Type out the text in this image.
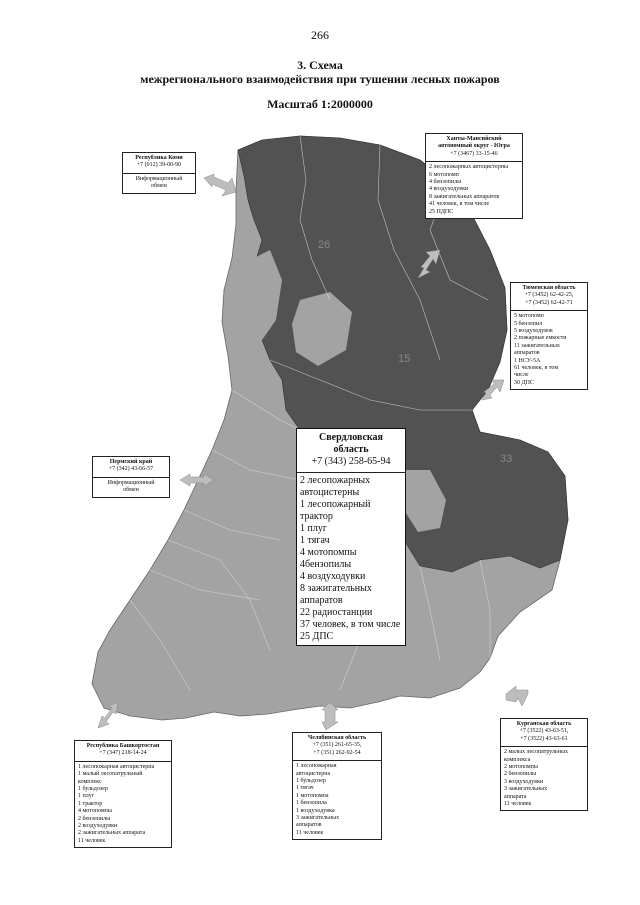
266
3. Схема
межрегионального взаимодействия при тушении лесных пожаров
Масштаб 1:2000000
26
15
33
Республика Коми
+7 (912) 39-00-90
Информационный
обмен
Ханты-Мансийский
автономный округ - Югра
+7 (3467) 33-15-46
2 лесопожарных автоцистерны
6 мотопомп
4 бензопилы
4 воздуходувки
8 зажигательных аппаратов
41 человек, в том числе
25 ПДПС
Тюменская область
+7 (3452) 62-42-25,
+7 (3452) 62-42-71
5 мотопомп
5 бензопил
5 воздуходувок
2 пожарные емкости
11 зажигательных
аппаратов
1 НСУ-5А
61 человек, в том
числе
30 ДПС
Пермский край
+7 (342) 43-66-57
Информационный
обмен
Свердловская
область
+7 (343) 258-65-94
2 лесопожарных автоцистерны
1 лесопожарный трактор
1 плуг
1 тягач
4 мотопомпы
4бензопилы
4 воздуходувки
8 зажигательных аппаратов
22 радиостанции
37 человек, в том числе 25 ДПС
Республика Башкортостан
+7 (347) 218-14-24
1 лесопожарная автоцистерна
1 малый лесопатрульный
комплекс
1 бульдозер
1 плуг
1 трактор
4 мотопомпы
2 бензопилы
2 воздуходувки
2 зажигательных аппарата
11 человек
Челябинская область
+7 (351) 261-65-35,
+7 (351) 262-92-54
1 лесопожарная
автоцистерна
1 бульдозер
1 тягач
1 мотопомпа
1 бензопила
1 воздуходувка
3 зажигательных
аппаратов
11 человек
Курганская область
+7 (3522) 43-63-51,
+7 (3522) 43-63-61
2 малых лесопатрульных
комплекса
2 мотопомпы
2 бензопилы
3 воздуходувки
3 зажигательных
аппарата
11 человек
